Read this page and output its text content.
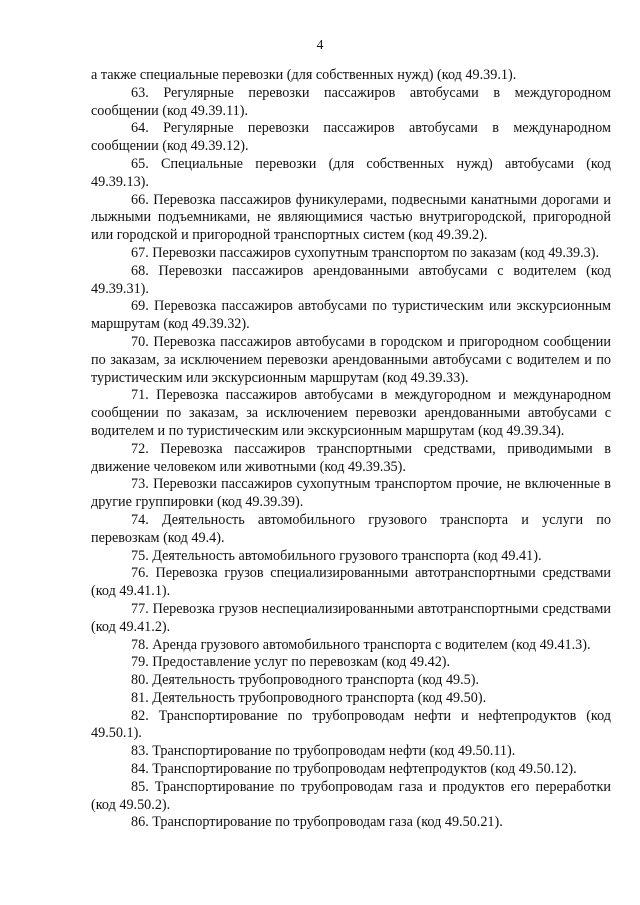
4

а также специальные перевозки (для собственных нужд) (код 49.39.1).

63. Регулярные перевозки пассажиров автобусами в междугородном сообщении (код 49.39.11).

64. Регулярные перевозки пассажиров автобусами в международном сообщении (код 49.39.12).

65. Специальные перевозки (для собственных нужд) автобусами (код 49.39.13).

66. Перевозка пассажиров фуникулерами, подвесными канатными дорогами и лыжными подъемниками, не являющимися частью внутригородской, пригородной или городской и пригородной транспортных систем (код 49.39.2).

67. Перевозки пассажиров сухопутным транспортом по заказам (код 49.39.3).

68. Перевозки пассажиров арендованными автобусами с водителем (код 49.39.31).

69. Перевозка пассажиров автобусами по туристическим или экскурсионным маршрутам (код 49.39.32).

70. Перевозка пассажиров автобусами в городском и пригородном сообщении по заказам, за исключением перевозки арендованными автобусами с водителем и по туристическим или экскурсионным маршрутам (код 49.39.33).

71. Перевозка пассажиров автобусами в междугородном и международном сообщении по заказам, за исключением перевозки арендованными автобусами с водителем и по туристическим или экскурсионным маршрутам (код 49.39.34).

72. Перевозка пассажиров транспортными средствами, приводимыми в движение человеком или животными (код 49.39.35).

73. Перевозки пассажиров сухопутным транспортом прочие, не включенные в другие группировки (код 49.39.39).

74. Деятельность автомобильного грузового транспорта и услуги по перевозкам (код 49.4).

75. Деятельность автомобильного грузового транспорта (код 49.41).

76. Перевозка грузов специализированными автотранспортными средствами (код 49.41.1).

77. Перевозка грузов неспециализированными автотранспортными средствами (код 49.41.2).

78. Аренда грузового автомобильного транспорта с водителем (код 49.41.3).

79. Предоставление услуг по перевозкам (код 49.42).

80. Деятельность трубопроводного транспорта (код 49.5).

81. Деятельность трубопроводного транспорта (код 49.50).

82. Транспортирование по трубопроводам нефти и нефтепродуктов (код 49.50.1).

83. Транспортирование по трубопроводам нефти (код 49.50.11).

84. Транспортирование по трубопроводам нефтепродуктов (код 49.50.12).

85. Транспортирование по трубопроводам газа и продуктов его переработки (код 49.50.2).

86. Транспортирование по трубопроводам газа (код 49.50.21).
